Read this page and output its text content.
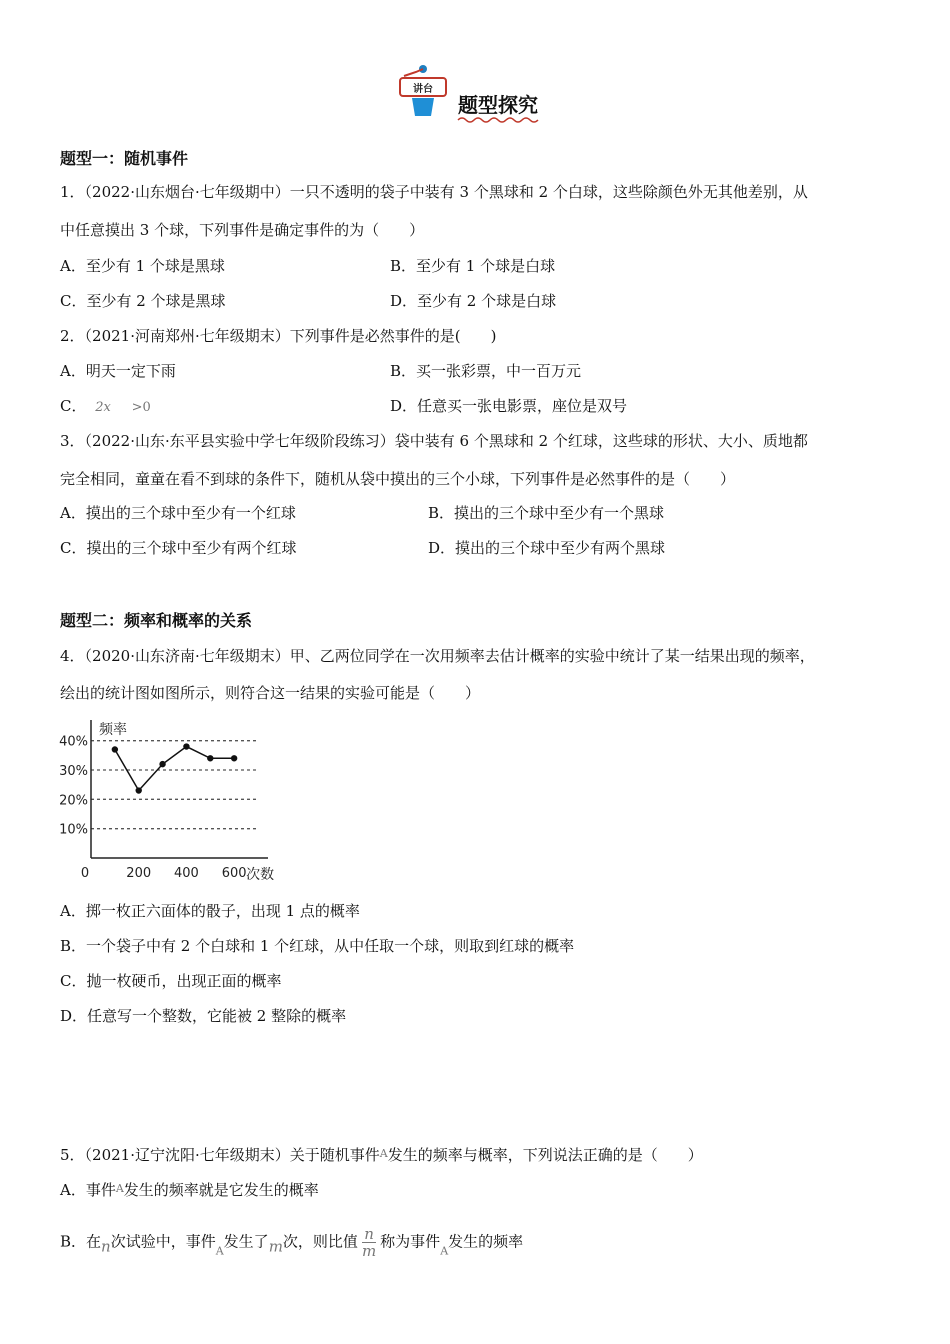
讲台
题型探究
题型一：随机事件
1．（2022·山东烟台·七年级期中）一只不透明的袋子中装有 3 个黑球和 2 个白球，这些除颜色外无其他差别，从
中任意摸出 3 个球，下列事件是确定事件的为（　　）
A．至少有 1 个球是黑球	B．至少有 1 个球是白球
C．至少有 2 个球是黑球	D．至少有 2 个球是白球
2．（2021·河南郑州·七年级期末）下列事件是必然事件的是(　　)
A．明天一定下雨	B．买一张彩票，中一百万元
C． 2x >0	D．任意买一张电影票，座位是双号
3．（2022·山东·东平县实验中学七年级阶段练习）袋中装有 6 个黑球和 2 个红球，这些球的形状、大小、质地都
完全相同，童童在看不到球的条件下，随机从袋中摸出的三个小球，下列事件是必然事件的是（　　）
A．摸出的三个球中至少有一个红球	B．摸出的三个球中至少有一个黑球
C．摸出的三个球中至少有两个红球	D．摸出的三个球中至少有两个黑球
题型二：频率和概率的关系
4．（2020·山东济南·七年级期末）甲、乙两位同学在一次用频率去估计概率的实验中统计了某一结果出现的频率，
绘出的统计图如图所示，则符合这一结果的实验可能是（　　）
10%
20%
30%
40%
频率
0	200 400 600 次数
A．掷一枚正六面体的骰子，出现 1 点的概率
B．一个袋子中有 2 个白球和 1 个红球，从中任取一个球，则取到红球的概率
C．抛一枚硬币，出现正面的概率
D．任意写一个整数，它能被 2 整除的概率
5．（2021·辽宁沈阳·七年级期末）关于随机事件$^A$发生的频率与概率，下列说法正确的是（　　）
A．事件$^A$发生的频率就是它发生的概率
B．在n次试验中，事件$_A$发生了m次，则比值 $\frac{n}{m}$ 称为事件$_A$发生的频率
